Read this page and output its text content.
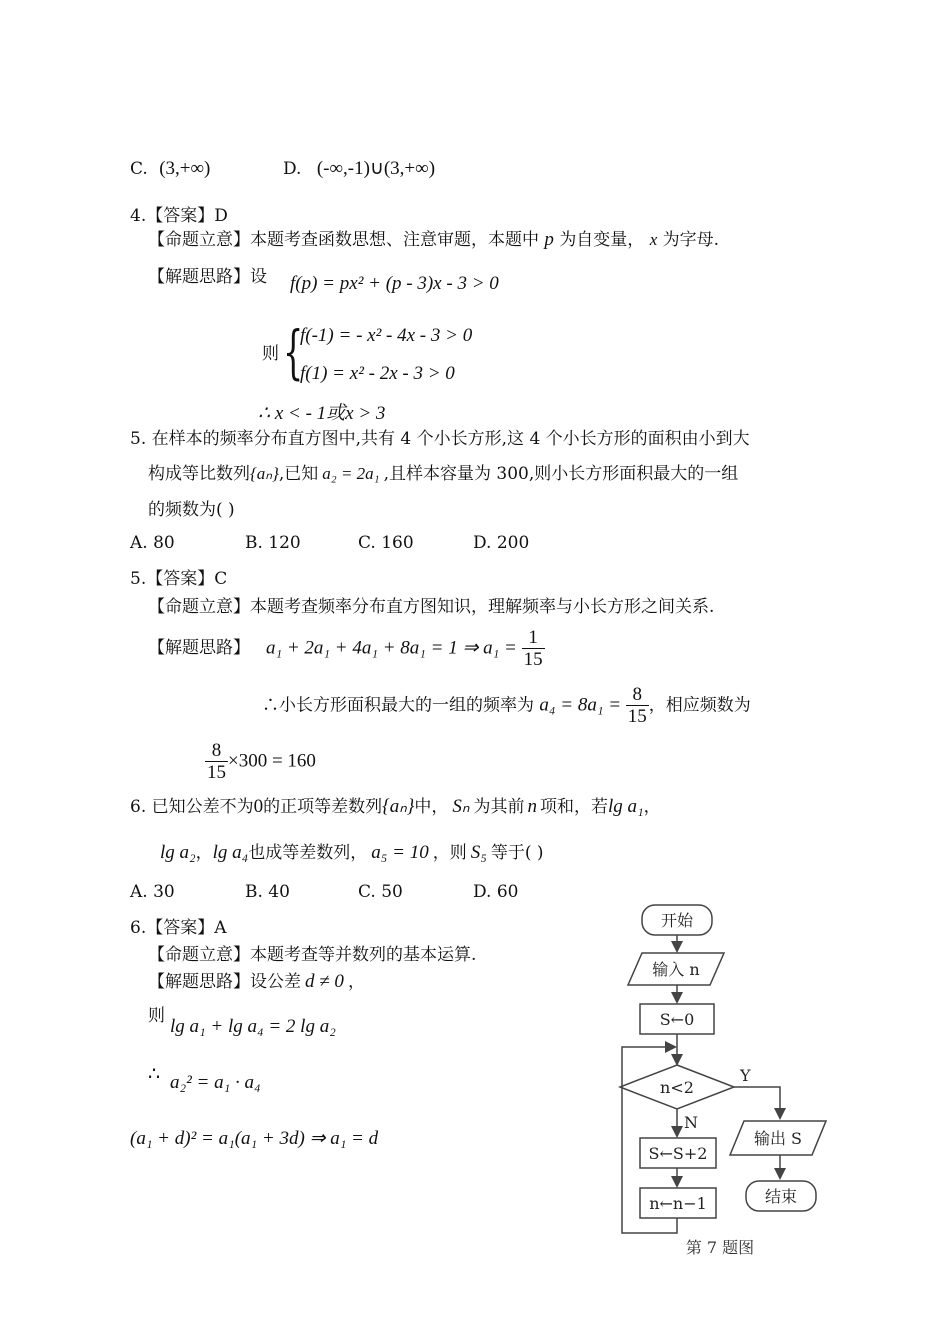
C. (3,+∞)	D. (-∞,-1)∪(3,+∞)
4.【答案】D
【命题立意】本题考查函数思想、注意审题，本题中 p 为自变量， x 为字母.
【解题思路】设 f(p) = px² + (p - 3)x - 3 > 0
则 {
f(-1) = - x² - 4x - 3 > 0
f(1) = x² - 2x - 3 > 0
∴ x < - 1或x > 3
5. 在样本的频率分布直方图中,共有 4 个小长方形,这 4 个小长方形的面积由小到大
构成等比数列{aₙ},已知 a₂ = 2a₁ ,且样本容量为 300,则小长方形面积最大的一组
的频数为( )
A. 80	B. 120	C. 160	D. 200
5.【答案】C
【命题立意】本题考查频率分布直方图知识，理解频率与小长方形之间关系.
【解题思路】 a₁ + 2a₁ + 4a₁ + 8a₁ = 1 ⇒ $a_1 = \frac{1}{15}$
∴小长方形面积最大的一组的频率为 $a_4 = 8a_1 = \frac{8}{15}$ ，相应频数为
$\frac{8}{15} \times 300 = 160$
6. 已知公差不为0的正项等差数列{aₙ}中， Sₙ 为其前 n 项和，若lg a₁，
lg a₂，lg a₄也成等差数列， a₅ = 10 ，则 S₅ 等于( )
A. 30	B. 40	C. 50	D. 60
6.【答案】A
【命题立意】本题考查等并数列的基本运算.
【解题思路】设公差 d ≠ 0 ，
则 lg a₁ + lg a₄ = 2 lg a₂
∴ a₂² = a₁ · a₄
(a₁ + d)² = a₁(a₁ + 3d) ⇒ a₁ = d
开始
输入 n
S←0
n<2
Y
N
S←S+2
n←n−1
输出 S
结束
第 7 题图
